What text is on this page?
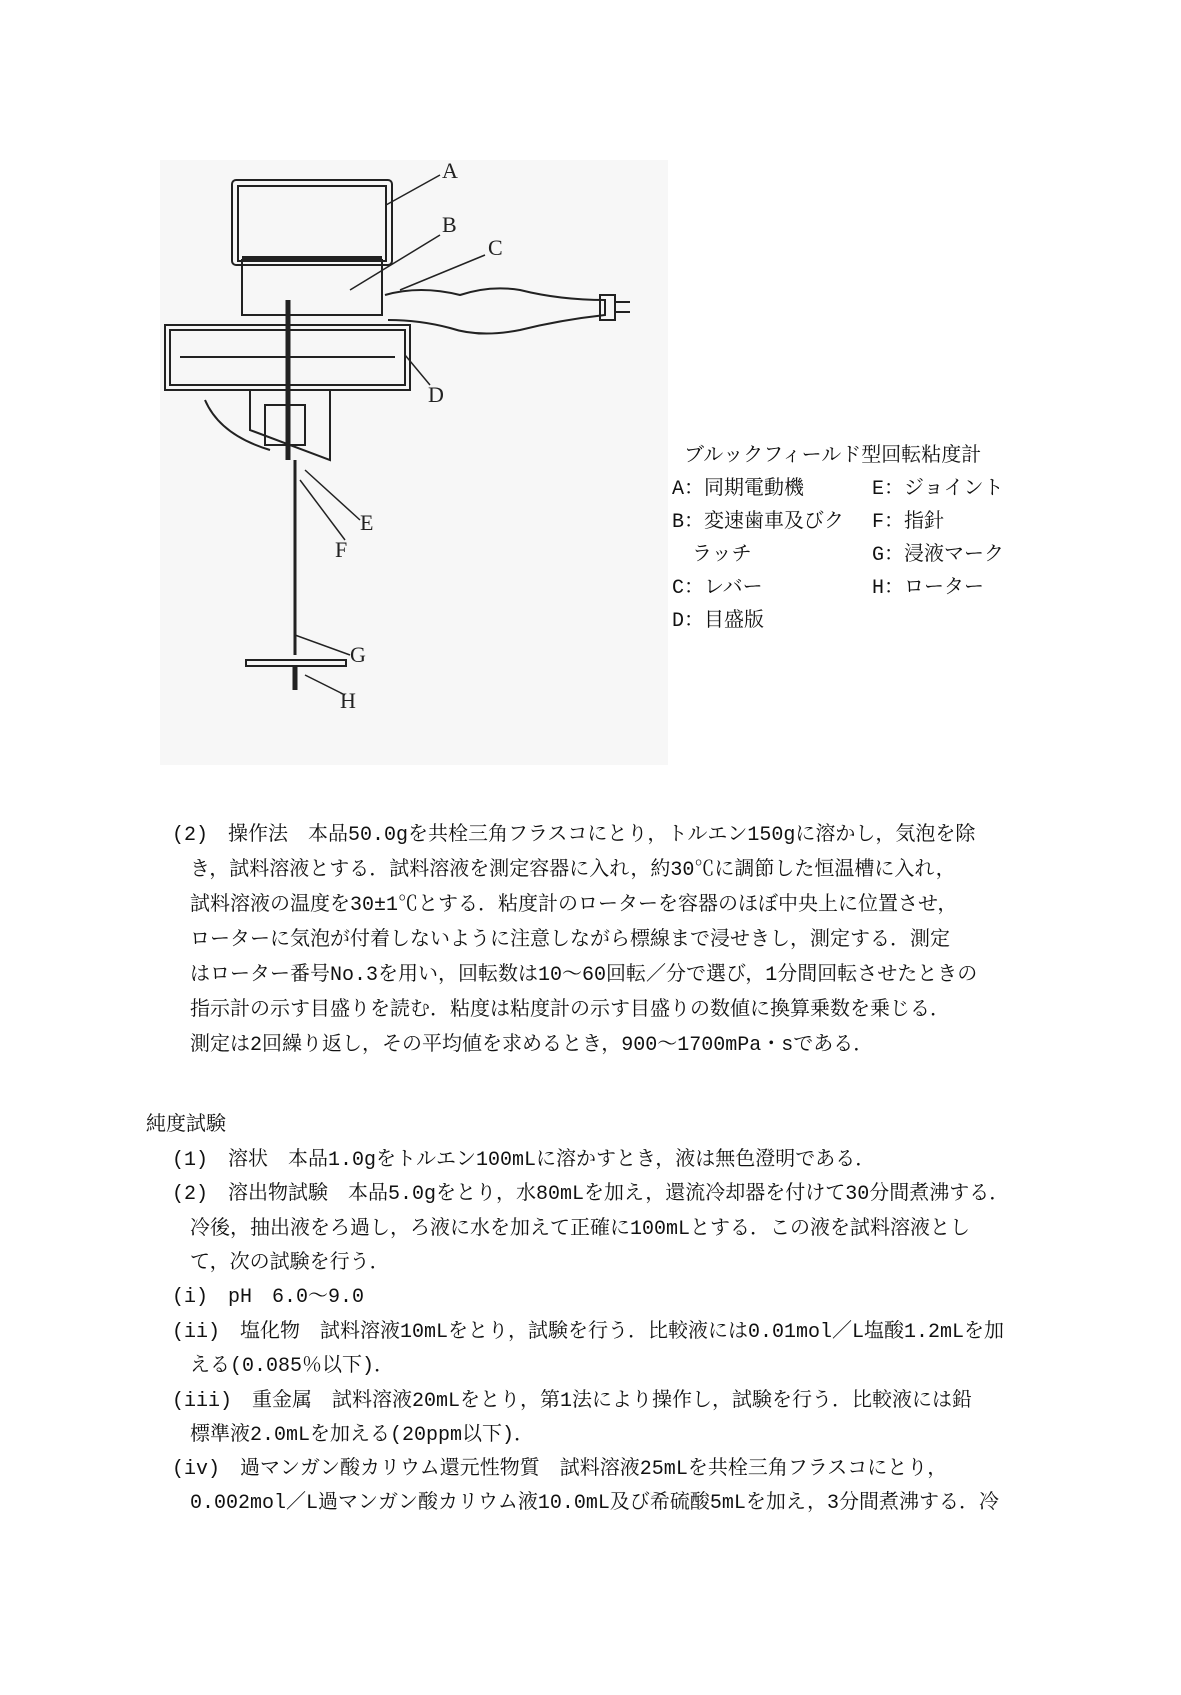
A
B
C
D
E
F
G
H
ブルックフィールド型回転粘度計
A：同期電動機	E：ジョイント
B：変速歯車及びク	F：指針
　ラッチ	G：浸液マーク
C：レバー	H：ローター
D：目盛版
(2)　操作法　本品50.0gを共栓三角フラスコにとり，トルエン150gに溶かし，気泡を除
き，試料溶液とする．試料溶液を測定容器に入れ，約30℃に調節した恒温槽に入れ，
試料溶液の温度を30±1℃とする．粘度計のローターを容器のほぼ中央上に位置させ，
ローターに気泡が付着しないように注意しながら標線まで浸せきし，測定する．測定
はローター番号No.3を用い，回転数は10～60回転／分で選び，1分間回転させたときの
指示計の示す目盛りを読む．粘度は粘度計の示す目盛りの数値に換算乗数を乗じる．
測定は2回繰り返し，その平均値を求めるとき，900～1700mPa・sである．
純度試験
(1)　溶状　本品1.0gをトルエン100mLに溶かすとき，液は無色澄明である．
(2)　溶出物試験　本品5.0gをとり，水80mLを加え，還流冷却器を付けて30分間煮沸する．
冷後，抽出液をろ過し，ろ液に水を加えて正確に100mLとする．この液を試料溶液とし
て，次の試験を行う．
(i)　pH　6.0～9.0
(ii)　塩化物　試料溶液10mLをとり，試験を行う．比較液には0.01mol／L塩酸1.2mLを加
える(0.085％以下)．
(iii)　重金属　試料溶液20mLをとり，第1法により操作し，試験を行う．比較液には鉛
標準液2.0mLを加える(20ppm以下)．
(iv)　過マンガン酸カリウム還元性物質　試料溶液25mLを共栓三角フラスコにとり，
0.002mol／L過マンガン酸カリウム液10.0mL及び希硫酸5mLを加え，3分間煮沸する．冷
